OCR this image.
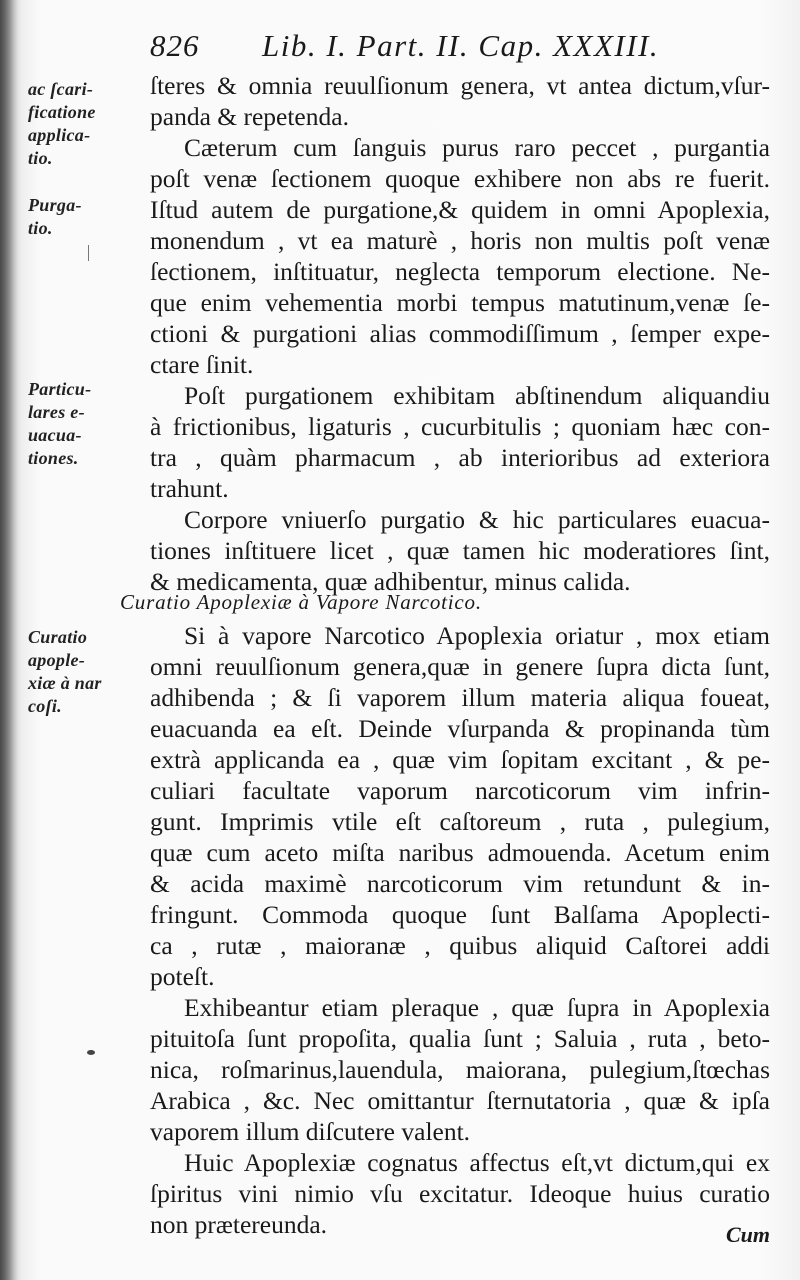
826 Lib. I. Part. II. Cap. XXXIII.
ac ſcari-
ficatione
applica-
tio.
Purga-
tio.
Particu-
lares e-
uacua-
tiones.
Curatio
apople-
xiæ à nar
coſi.
ſteres & omnia reuulſionum genera, vt antea dictum,vſur-
panda & repetenda.
Cæterum cum ſanguis purus raro peccet , purgantia
poſt venæ ſectionem quoque exhibere non abs re fuerit.
Iſtud autem de purgatione,& quidem in omni Apoplexia,
monendum , vt ea maturè , horis non multis poſt venæ
ſectionem, inſtituatur, neglecta temporum electione. Ne-
que enim vehementia morbi tempus matutinum,venæ ſe-
ctioni & purgationi alias commodiſſimum , ſemper expe-
ctare ſinit.
Poſt purgationem exhibitam abſtinendum aliquandiu
à frictionibus, ligaturis , cucurbitulis ; quoniam hæc con-
tra , quàm pharmacum , ab interioribus ad exteriora
trahunt.
Corpore vniuerſo purgatio & hic particulares euacua-
tiones inſtituere licet , quæ tamen hic moderatiores ſint,
& medicamenta, quæ adhibentur, minus calida.
Curatio Apoplexiæ à Vapore Narcotico.
Si à vapore Narcotico Apoplexia oriatur , mox etiam
omni reuulſionum genera,quæ in genere ſupra dicta ſunt,
adhibenda ; & ſi vaporem illum materia aliqua foueat,
euacuanda ea eſt. Deinde vſurpanda & propinanda tùm
extrà applicanda ea , quæ vim ſopitam excitant , & pe-
culiari facultate vaporum narcoticorum vim infrin-
gunt. Imprimis vtile eſt caſtoreum , ruta , pulegium,
quæ cum aceto miſta naribus admouenda. Acetum enim
& acida maximè narcoticorum vim retundunt & in-
fringunt. Commoda quoque ſunt Balſama Apoplecti-
ca , rutæ , maioranæ , quibus aliquid Caſtorei addi
poteſt.
Exhibeantur etiam pleraque , quæ ſupra in Apoplexia
pituitoſa ſunt propoſita, qualia ſunt ; Saluia , ruta , beto-
nica, roſmarinus,lauendula, maiorana, pulegium,ſtœchas
Arabica , &c. Nec omittantur ſternutatoria , quæ & ipſa
vaporem illum diſcutere valent.
Huic Apoplexiæ cognatus affectus eſt,vt dictum,qui ex
ſpiritus vini nimio vſu excitatur. Ideoque huius curatio
non prætereunda.	Cum
